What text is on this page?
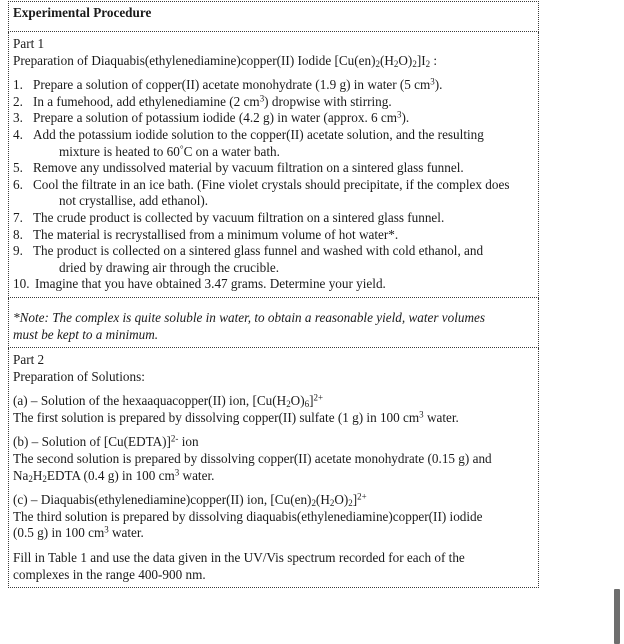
Experimental Procedure

Part 1
Preparation of Diaquabis(ethylenediamine)copper(II) Iodide $[Cu(en)_2(H_2O)_2]I_2$ :
1. Prepare a solution of copper(II) acetate monohydrate (1.9 g) in water (5 $cm^3$).
2. In a fumehood, add ethylenediamine (2 $cm^3$) dropwise with stirring.
3. Prepare a solution of potassium iodide (4.2 g) in water (approx. 6 $cm^3$).
4. Add the potassium iodide solution to the copper(II) acetate solution, and the resulting
mixture is heated to 60°C on a water bath.
5. Remove any undissolved material by vacuum filtration on a sintered glass funnel.
6. Cool the filtrate in an ice bath. (Fine violet crystals should precipitate, if the complex does
not crystallise, add ethanol).
7. The crude product is collected by vacuum filtration on a sintered glass funnel.
8. The material is recrystallised from a minimum volume of hot water*.
9. The product is collected on a sintered glass funnel and washed with cold ethanol, and
dried by drawing air through the crucible.
10. Imagine that you have obtained 3.47 grams. Determine your yield.

*Note: The complex is quite soluble in water, to obtain a reasonable yield, water volumes
must be kept to a minimum.

Part 2
Preparation of Solutions:
(a) – Solution of the hexaaquacopper(II) ion, $[Cu(H_2O)_6]^{2+}$
The first solution is prepared by dissolving copper(II) sulfate (1 g) in 100 $cm^3$ water.
(b) – Solution of [Cu(EDTA)]$^{2-}$ ion
The second solution is prepared by dissolving copper(II) acetate monohydrate (0.15 g) and
$Na_2H_2EDTA$ (0.4 g) in 100 $cm^3$ water.
(c) – Diaquabis(ethylenediamine)copper(II) ion, $[Cu(en)_2(H_2O)_2]^{2+}$
The third solution is prepared by dissolving diaquabis(ethylenediamine)copper(II) iodide
(0.5 g) in 100 $cm^3$ water.
Fill in Table 1 and use the data given in the UV/Vis spectrum recorded for each of the
complexes in the range 400-900 nm.
